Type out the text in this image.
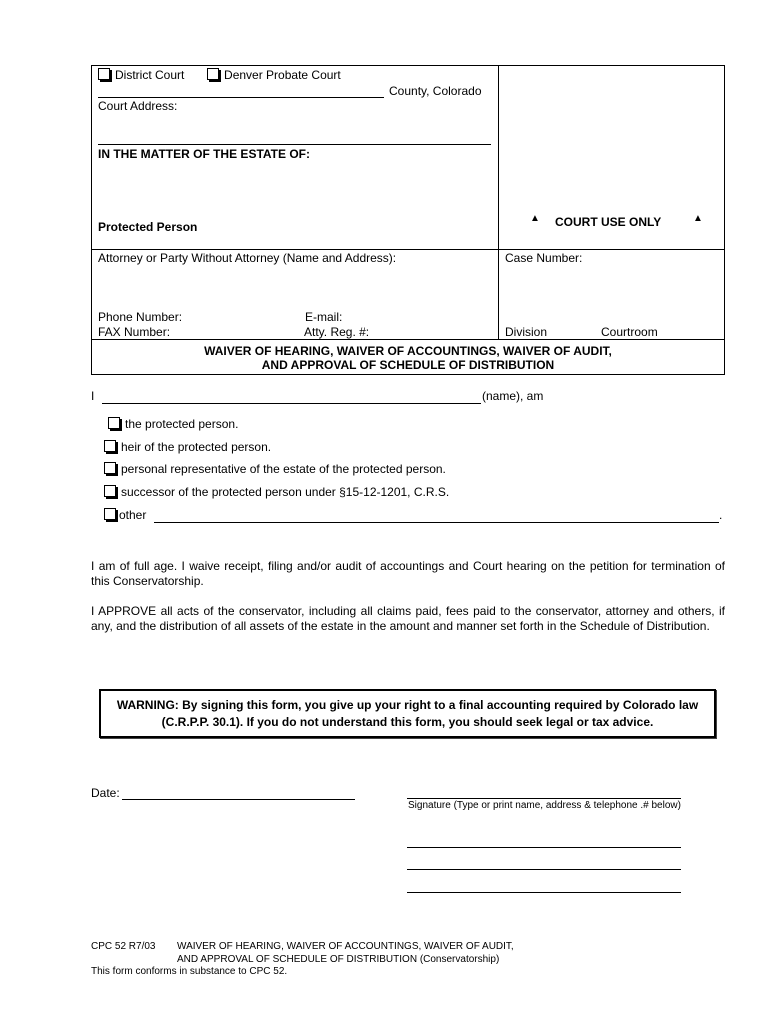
District Court	Denver Probate Court
County, Colorado
Court Address:
IN THE MATTER OF THE ESTATE OF:
Protected Person
▲ COURT USE ONLY	▲
Attorney or Party Without Attorney (Name and Address):	Case Number:
Phone Number:	E-mail:
FAX Number:	Atty. Reg. #:	Division	Courtroom
WAIVER OF HEARING, WAIVER OF ACCOUNTINGS, WAIVER OF AUDIT,
AND APPROVAL OF SCHEDULE OF DISTRIBUTION
I	(name), am
the protected person.
heir of the protected person.
personal representative of the estate of the protected person.
successor of the protected person under §15-12-1201, C.R.S.
other	.
I am of full age. I waive receipt, filing and/or audit of accountings and Court hearing on the petition for termination of this Conservatorship.
I APPROVE all acts of the conservator, including all claims paid, fees paid to the conservator, attorney and others, if any, and the distribution of all assets of the estate in the amount and manner set forth in the Schedule of Distribution.
WARNING: By signing this form, you give up your right to a final accounting required by Colorado law (C.R.P.P. 30.1). If you do not understand this form, you should seek legal or tax advice.
Date:
Signature (Type or print name, address & telephone .# below)
CPC 52 R7/03 WAIVER OF HEARING, WAIVER OF ACCOUNTINGS, WAIVER OF AUDIT,
AND APPROVAL OF SCHEDULE OF DISTRIBUTION (Conservatorship)
This form conforms in substance to CPC 52.
